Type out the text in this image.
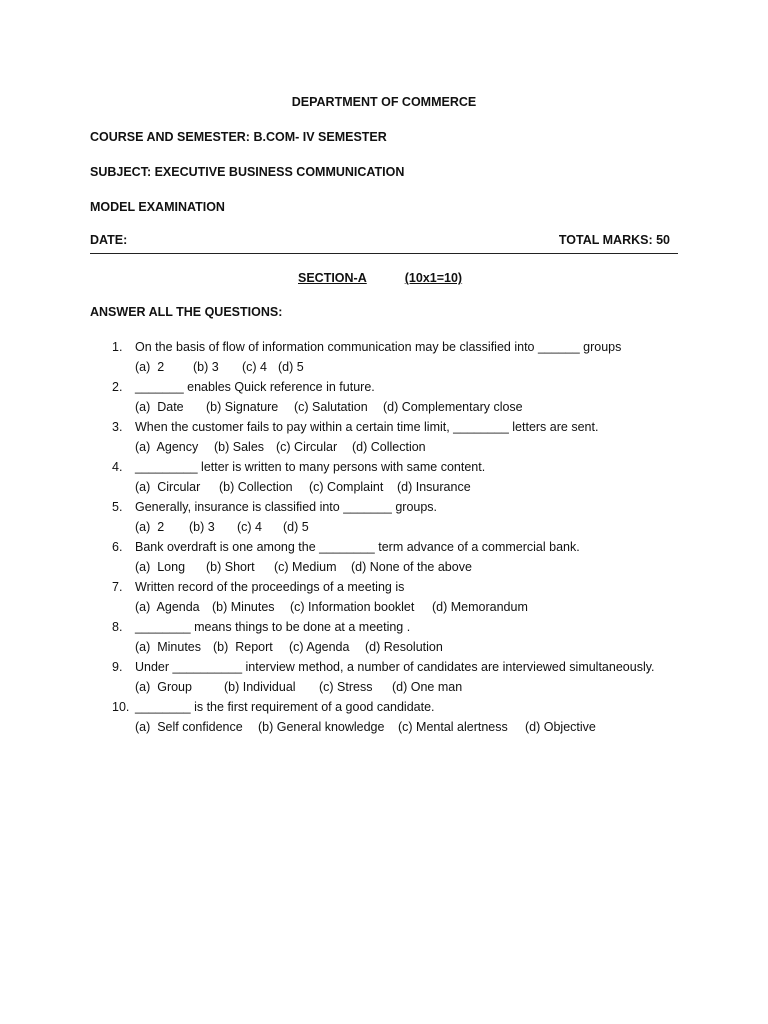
DEPARTMENT OF COMMERCE
COURSE AND SEMESTER: B.COM- IV SEMESTER
SUBJECT: EXECUTIVE BUSINESS COMMUNICATION
MODEL EXAMINATION
DATE:	TOTAL MARKS: 50
SECTION-A	(10x1=10)
ANSWER ALL THE QUESTIONS:
1. On the basis of flow of information communication may be classified into ______ groups
(a)  2 (b) 3 (c) 4 (d) 5
2. _______ enables Quick reference in future.
(a)  Date (b) Signature (c) Salutation (d) Complementary close
3. When the customer fails to pay within a certain time limit, ________ letters are sent.
(a)  Agency (b) Sales (c) Circular (d) Collection
4. _________ letter is written to many persons with same content.
(a)  Circular (b) Collection (c) Complaint (d) Insurance
5. Generally, insurance is classified into _______ groups.
(a)  2 (b) 3 (c) 4 (d) 5
6. Bank overdraft is one among the ________ term advance of a commercial bank.
(a)  Long (b) Short (c) Medium (d) None of the above
7. Written record of the proceedings of a meeting is
(a)  Agenda (b) Minutes (c) Information booklet (d) Memorandum
8. ________ means things to be done at a meeting .
(a)  Minutes (b)  Report (c) Agenda (d) Resolution
9. Under __________ interview method, a number of candidates are interviewed simultaneously.
(a)  Group	(b) Individual (c) Stress (d) One man
10. ________ is the first requirement of a good candidate.
(a)  Self confidence (b) General knowledge (c) Mental alertness (d) Objective
